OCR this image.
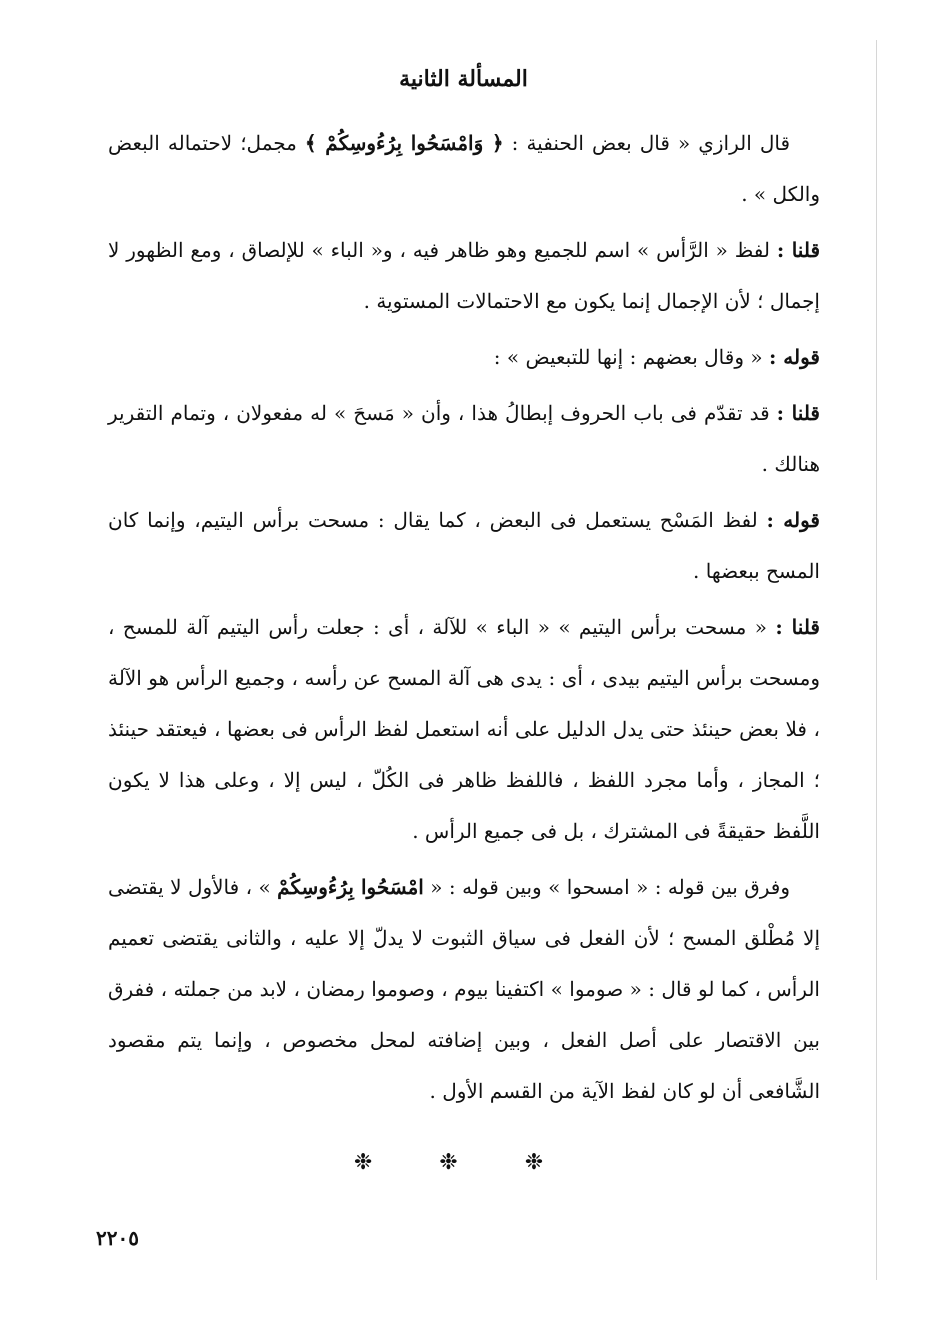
المسألة الثانية

قال الرازي « قال بعض الحنفية : ﴿ وَامْسَحُوا بِرُءُوسِكُمْ ﴾ مجمل؛ لاحتماله البعض والكل » .

قلنا : لفظ « الرَّأس » اسم للجميع وهو ظاهر فيه ، و« الباء » للإلصاق ، ومع الظهور لا إجمال ؛ لأن الإجمال إنما يكون مع الاحتمالات المستوية .

قوله : « وقال بعضهم : إنها للتبعيض » :

قلنا : قد تقدّم فى باب الحروف إبطالُ هذا ، وأن « مَسحَ » له مفعولان ، وتمام التقرير هنالك .

قوله : لفظ المَسْح يستعمل فى البعض ، كما يقال : مسحت برأس اليتيم، وإنما كان المسح ببعضها .

قلنا : « مسحت برأس اليتيم » « الباء » للآلة ، أى : جعلت رأس اليتيم آلة للمسح ، ومسحت برأس اليتيم بيدى ، أى : يدى هى آلة المسح عن رأسه ، وجميع الرأس هو الآلة ، فلا بعض حينئذ حتى يدل الدليل على أنه استعمل لفظ الرأس فى بعضها ، فيعتقد حينئذ ؛ المجاز ، وأما مجرد اللفظ ، فاللفظ ظاهر فى الكُلّ ، ليس إلا ، وعلى هذا لا يكون اللَّفظ حقيقةً فى المشترك ، بل فى جميع الرأس .

وفرق بين قوله : « امسحوا » وبين قوله : « امْسَحُوا بِرُءُوسِكُمْ » ، فالأول لا يقتضى إلا مُطْلق المسح ؛ لأن الفعل فى سياق الثبوت لا يدلّ إلا عليه ، والثانى يقتضى تعميم الرأس ، كما لو قال : « صوموا » اكتفينا بيوم ، وصوموا رمضان ، لابد من جملته ، ففرق بين الاقتصار على أصل الفعل ، وبين إضافته لمحل مخصوص ، وإنما يتم مقصود الشَّافعى أن لو كان لفظ الآية من القسم الأول .

❉ ❉ ❉
٢٢٠٥
